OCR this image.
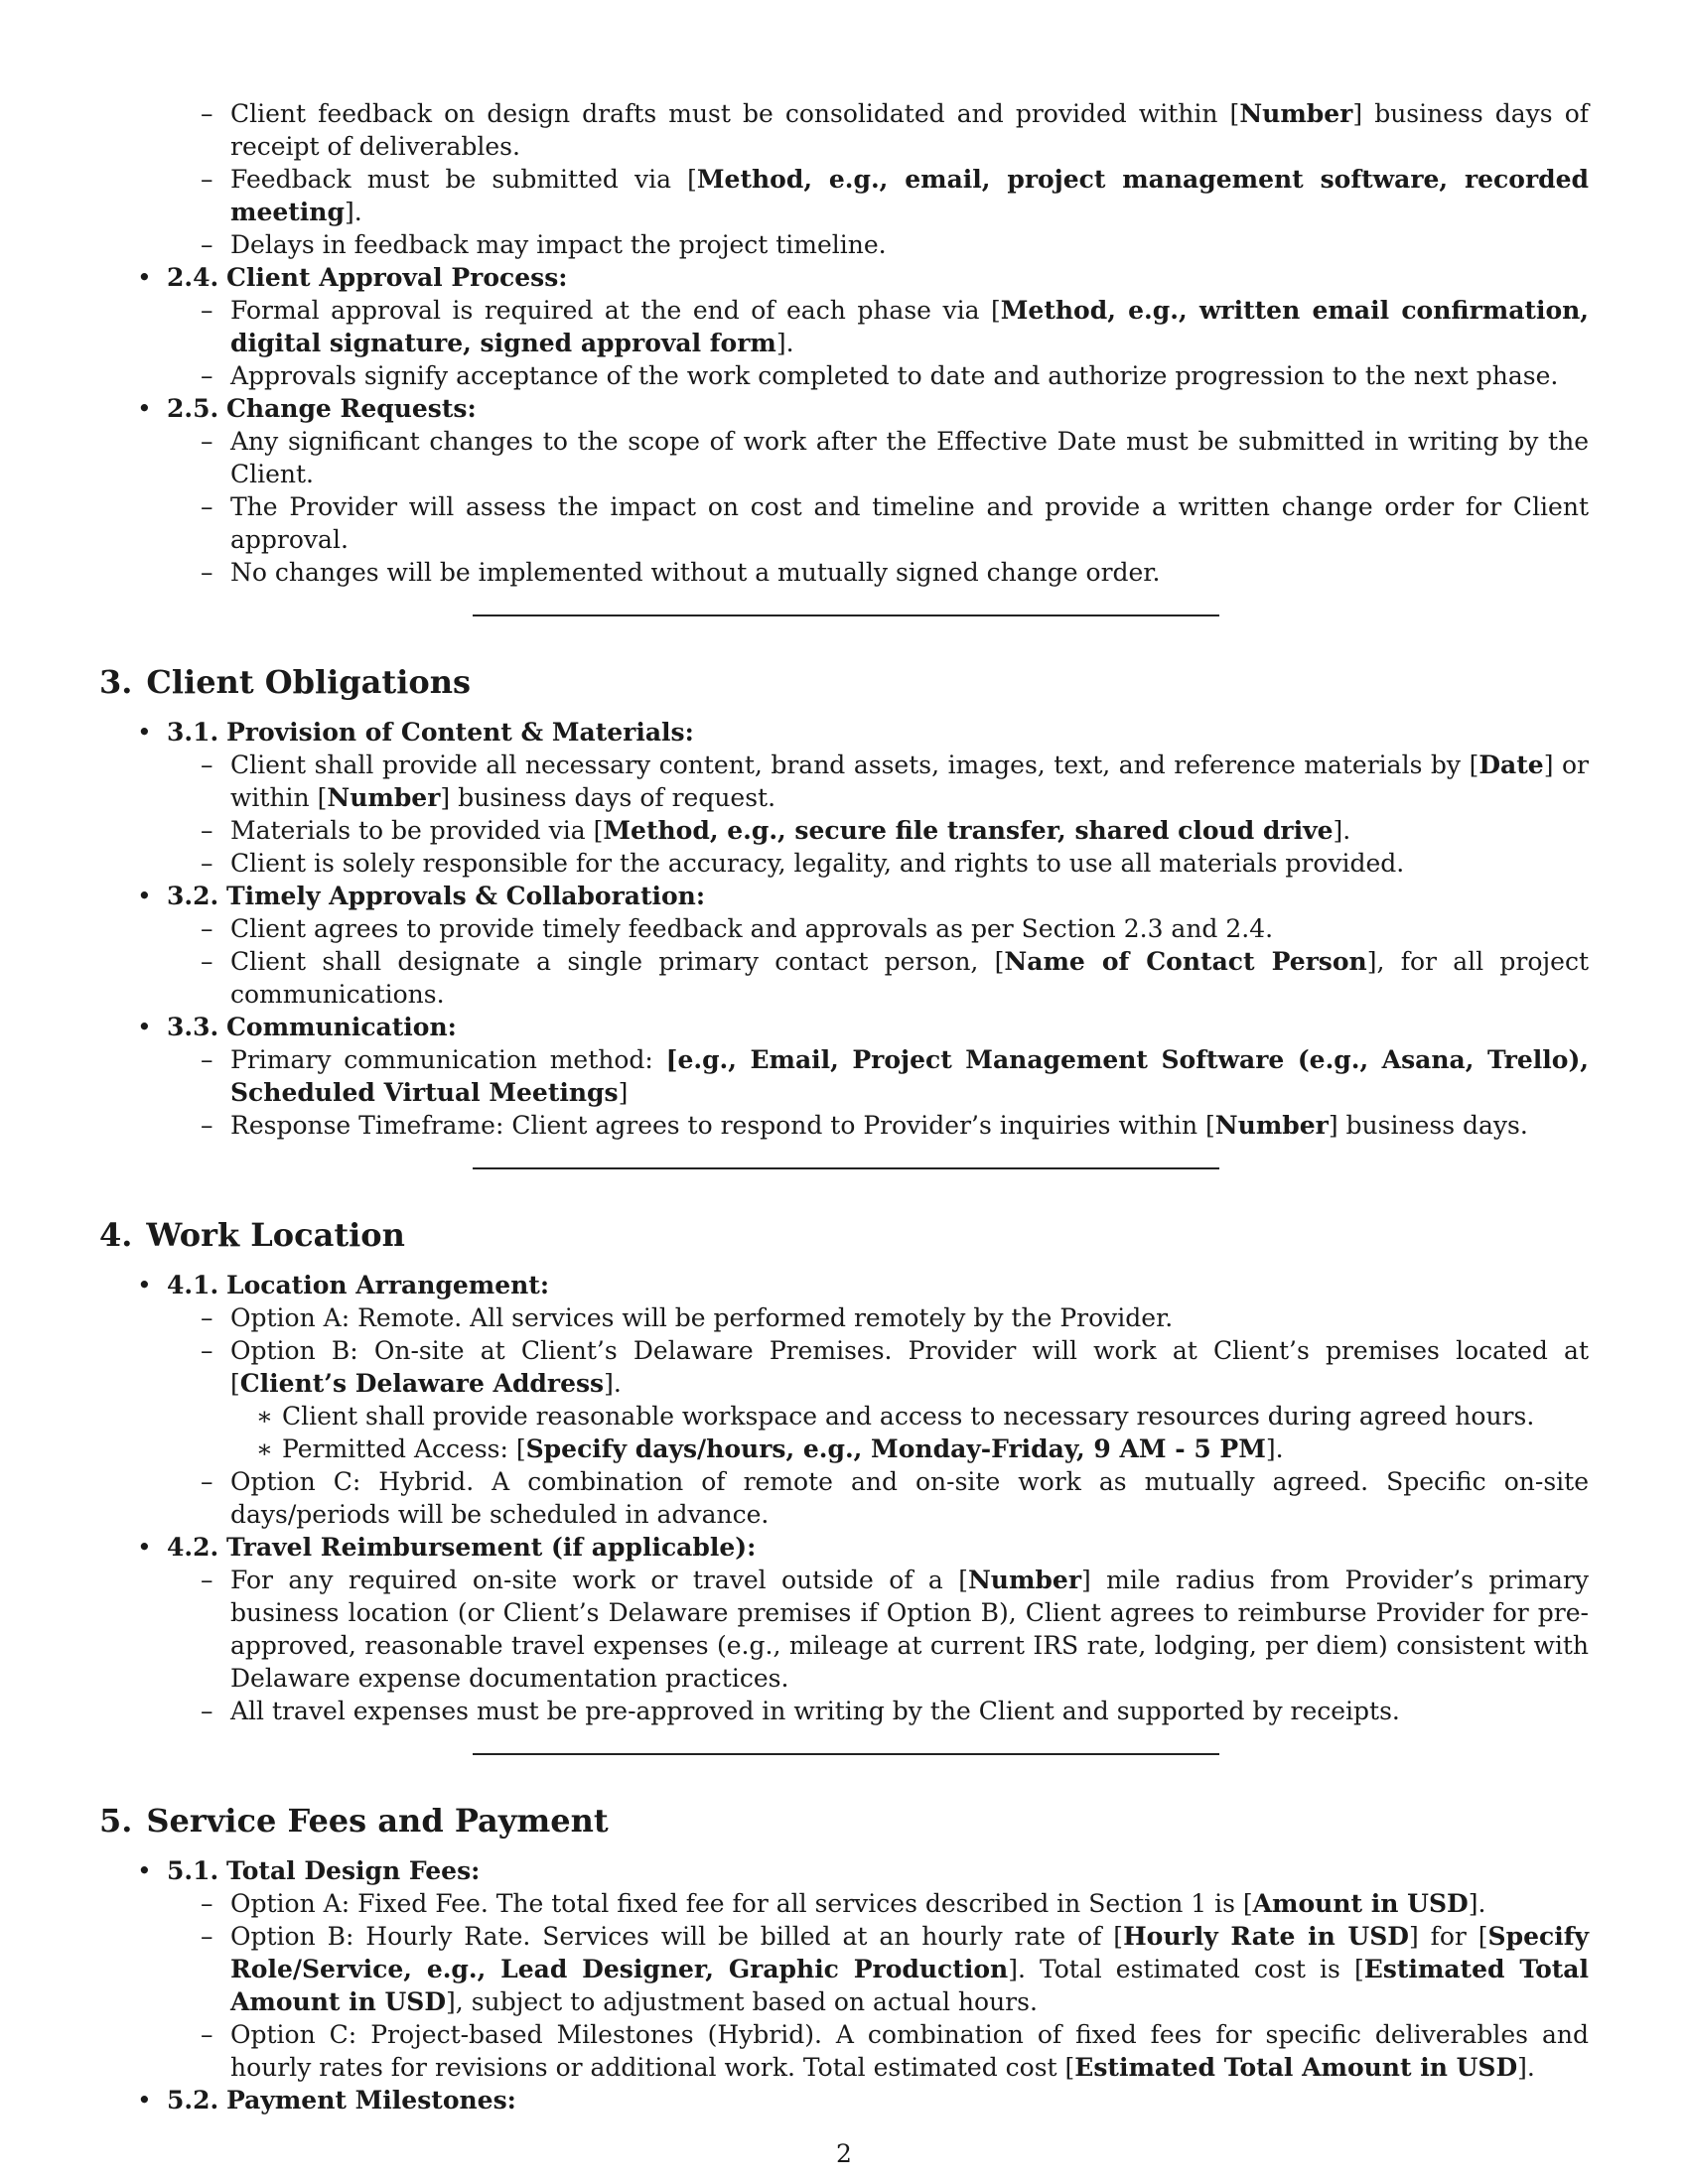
– Client feedback on design drafts must be consolidated and provided within [Number] business days of receipt of deliverables.
– Feedback must be submitted via [Method, e.g., email, project management software, recorded meeting].
– Delays in feedback may impact the project timeline.
• 2.4. Client Approval Process:
– Formal approval is required at the end of each phase via [Method, e.g., written email confirmation, digital signature, signed approval form].
– Approvals signify acceptance of the work completed to date and authorize progression to the next phase.
• 2.5. Change Requests:
– Any significant changes to the scope of work after the Effective Date must be submitted in writing by the Client.
– The Provider will assess the impact on cost and timeline and provide a written change order for Client approval.
– No changes will be implemented without a mutually signed change order.
3. Client Obligations
• 3.1. Provision of Content & Materials:
– Client shall provide all necessary content, brand assets, images, text, and reference materials by [Date] or within [Number] business days of request.
– Materials to be provided via [Method, e.g., secure file transfer, shared cloud drive].
– Client is solely responsible for the accuracy, legality, and rights to use all materials provided.
• 3.2. Timely Approvals & Collaboration:
– Client agrees to provide timely feedback and approvals as per Section 2.3 and 2.4.
– Client shall designate a single primary contact person, [Name of Contact Person], for all project communications.
• 3.3. Communication:
– Primary communication method: [e.g., Email, Project Management Software (e.g., Asana, Trello), Scheduled Virtual Meetings]
– Response Timeframe: Client agrees to respond to Provider’s inquiries within [Number] business days.
4. Work Location
• 4.1. Location Arrangement:
– Option A: Remote. All services will be performed remotely by the Provider.
– Option B: On-site at Client’s Delaware Premises. Provider will work at Client’s premises located at [Client’s Delaware Address].
∗ Client shall provide reasonable workspace and access to necessary resources during agreed hours.
∗ Permitted Access: [Specify days/hours, e.g., Monday-Friday, 9 AM - 5 PM].
– Option C: Hybrid. A combination of remote and on-site work as mutually agreed. Specific on-site days/periods will be scheduled in advance.
• 4.2. Travel Reimbursement (if applicable):
– For any required on-site work or travel outside of a [Number] mile radius from Provider’s primary business location (or Client’s Delaware premises if Option B), Client agrees to reimburse Provider for pre-approved, reasonable travel expenses (e.g., mileage at current IRS rate, lodging, per diem) consistent with Delaware expense documentation practices.
– All travel expenses must be pre-approved in writing by the Client and supported by receipts.
5. Service Fees and Payment
• 5.1. Total Design Fees:
– Option A: Fixed Fee. The total fixed fee for all services described in Section 1 is [Amount in USD].
– Option B: Hourly Rate. Services will be billed at an hourly rate of [Hourly Rate in USD] for [Specify Role/Service, e.g., Lead Designer, Graphic Production]. Total estimated cost is [Estimated Total Amount in USD], subject to adjustment based on actual hours.
– Option C: Project-based Milestones (Hybrid). A combination of fixed fees for specific deliverables and hourly rates for revisions or additional work. Total estimated cost [Estimated Total Amount in USD].
• 5.2. Payment Milestones:
2
